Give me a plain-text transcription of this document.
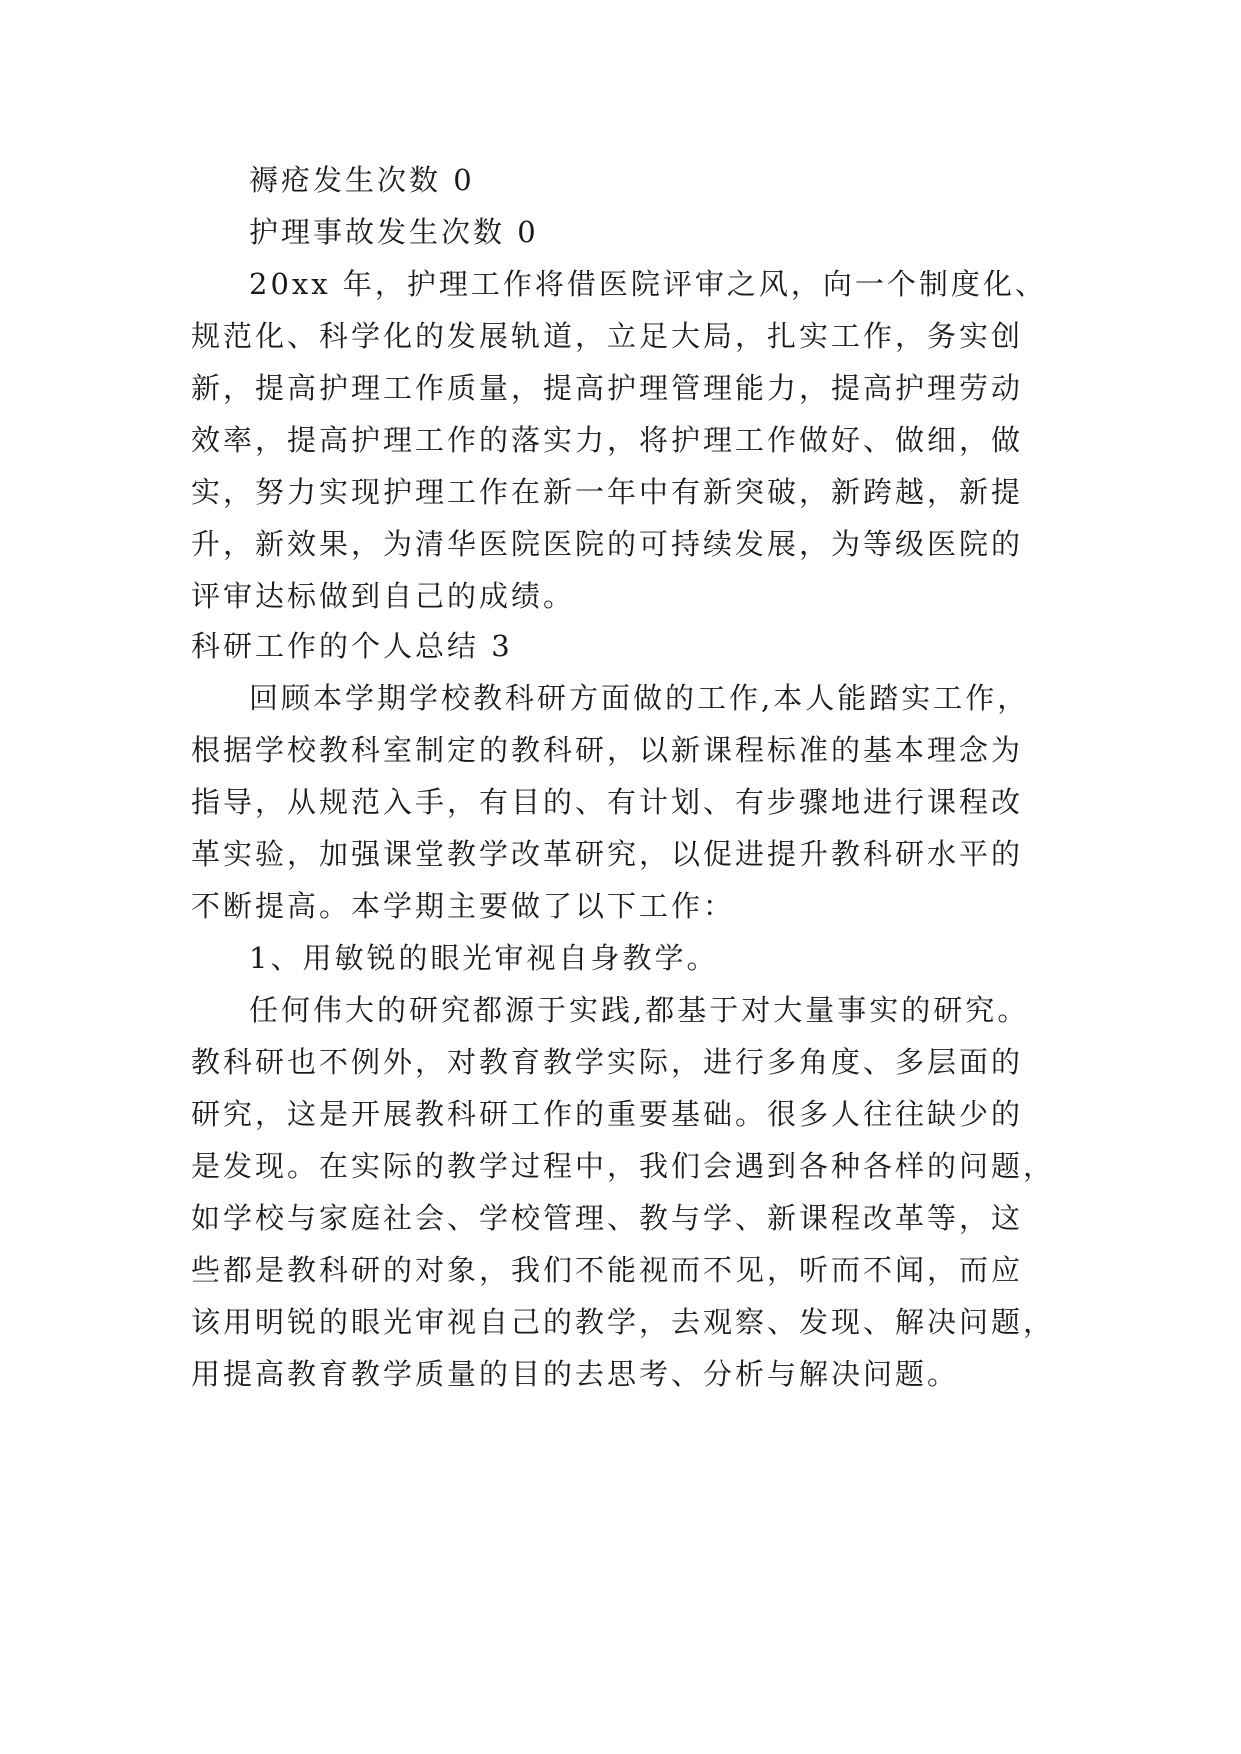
褥疮发生次数 0
护理事故发生次数 0
20xx 年，护理工作将借医院评审之风，向一个制度化、
规范化、科学化的发展轨道，立足大局，扎实工作，务实创
新，提高护理工作质量，提高护理管理能力，提高护理劳动
效率，提高护理工作的落实力，将护理工作做好、做细，做
实，努力实现护理工作在新一年中有新突破，新跨越，新提
升，新效果，为清华医院医院的可持续发展，为等级医院的
评审达标做到自己的成绩。
科研工作的个人总结 3
回顾本学期学校教科研方面做的工作,本人能踏实工作，
根据学校教科室制定的教科研，以新课程标准的基本理念为
指导，从规范入手，有目的、有计划、有步骤地进行课程改
革实验，加强课堂教学改革研究，以促进提升教科研水平的
不断提高。本学期主要做了以下工作：
1、用敏锐的眼光审视自身教学。
任何伟大的研究都源于实践,都基于对大量事实的研究。
教科研也不例外，对教育教学实际，进行多角度、多层面的
研究，这是开展教科研工作的重要基础。很多人往往缺少的
是发现。在实际的教学过程中，我们会遇到各种各样的问题，
如学校与家庭社会、学校管理、教与学、新课程改革等，这
些都是教科研的对象，我们不能视而不见，听而不闻，而应
该用明锐的眼光审视自己的教学，去观察、发现、解决问题，
用提高教育教学质量的目的去思考、分析与解决问题。
